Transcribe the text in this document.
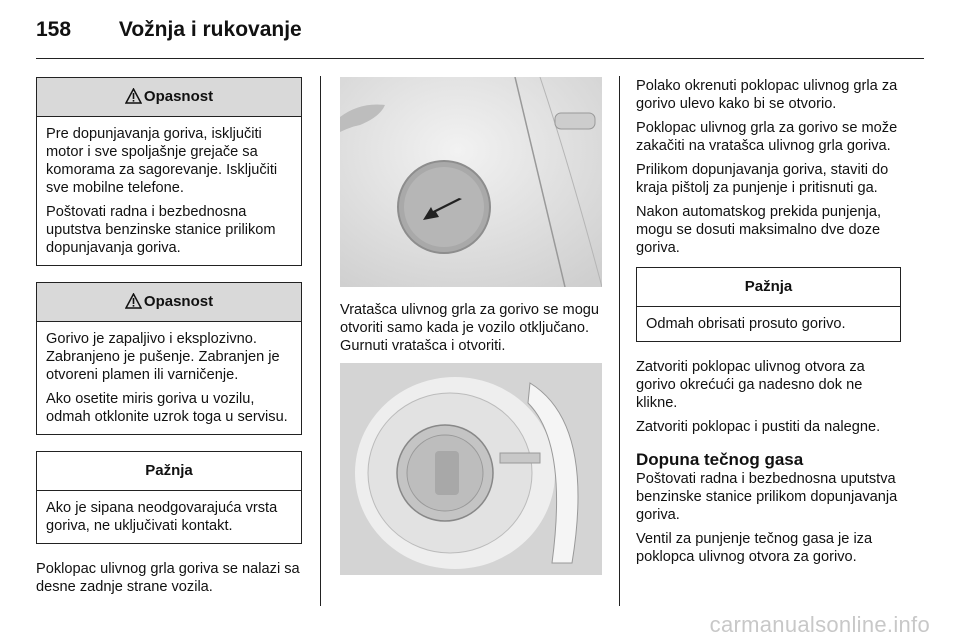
158 Vožnja i rukovanje
Opasnost

Pre dopunjavanja goriva, isključiti motor i sve spoljašnje grejače sa komorama za sagorevanje. Isključiti sve mobilne telefone.

Poštovati radna i bezbednosna uputstva benzinske stanice prilikom dopunjavanja goriva.

Opasnost

Gorivo je zapaljivo i eksplozivno. Zabranjeno je pušenje. Zabranjen je otvoreni plamen ili varničenje.

Ako osetite miris goriva u vozilu, odmah otklonite uzrok toga u servisu.

Pažnja
Ako je sipana neodgovarajuća vrsta goriva, ne uključivati kontakt.

Poklopac ulivnog grla goriva se nalazi sa desne zadnje strane vozila.

Vratašca ulivnog grla za gorivo se mogu otvoriti samo kada je vozilo otključano. Gurnuti vratašca i otvoriti.

Polako okrenuti poklopac ulivnog grla za gorivo ulevo kako bi se otvorio.

Poklopac ulivnog grla za gorivo se može zakačiti na vratašca ulivnog grla goriva.

Prilikom dopunjavanja goriva, staviti do kraja pištolj za punjenje i pritisnuti ga.

Nakon automatskog prekida punjenja, mogu se dosuti maksimalno dve doze goriva.

Pažnja
Odmah obrisati prosuto gorivo.

Zatvoriti poklopac ulivnog otvora za gorivo okrećući ga nadesno dok ne klikne.

Zatvoriti poklopac i pustiti da nalegne.

Dopuna tečnog gasa

Poštovati radna i bezbednosna uputstva benzinske stanice prilikom dopunjavanja goriva.

Ventil za punjenje tečnog gasa je iza poklopca ulivnog otvora za gorivo.

carmanualsonline.info
